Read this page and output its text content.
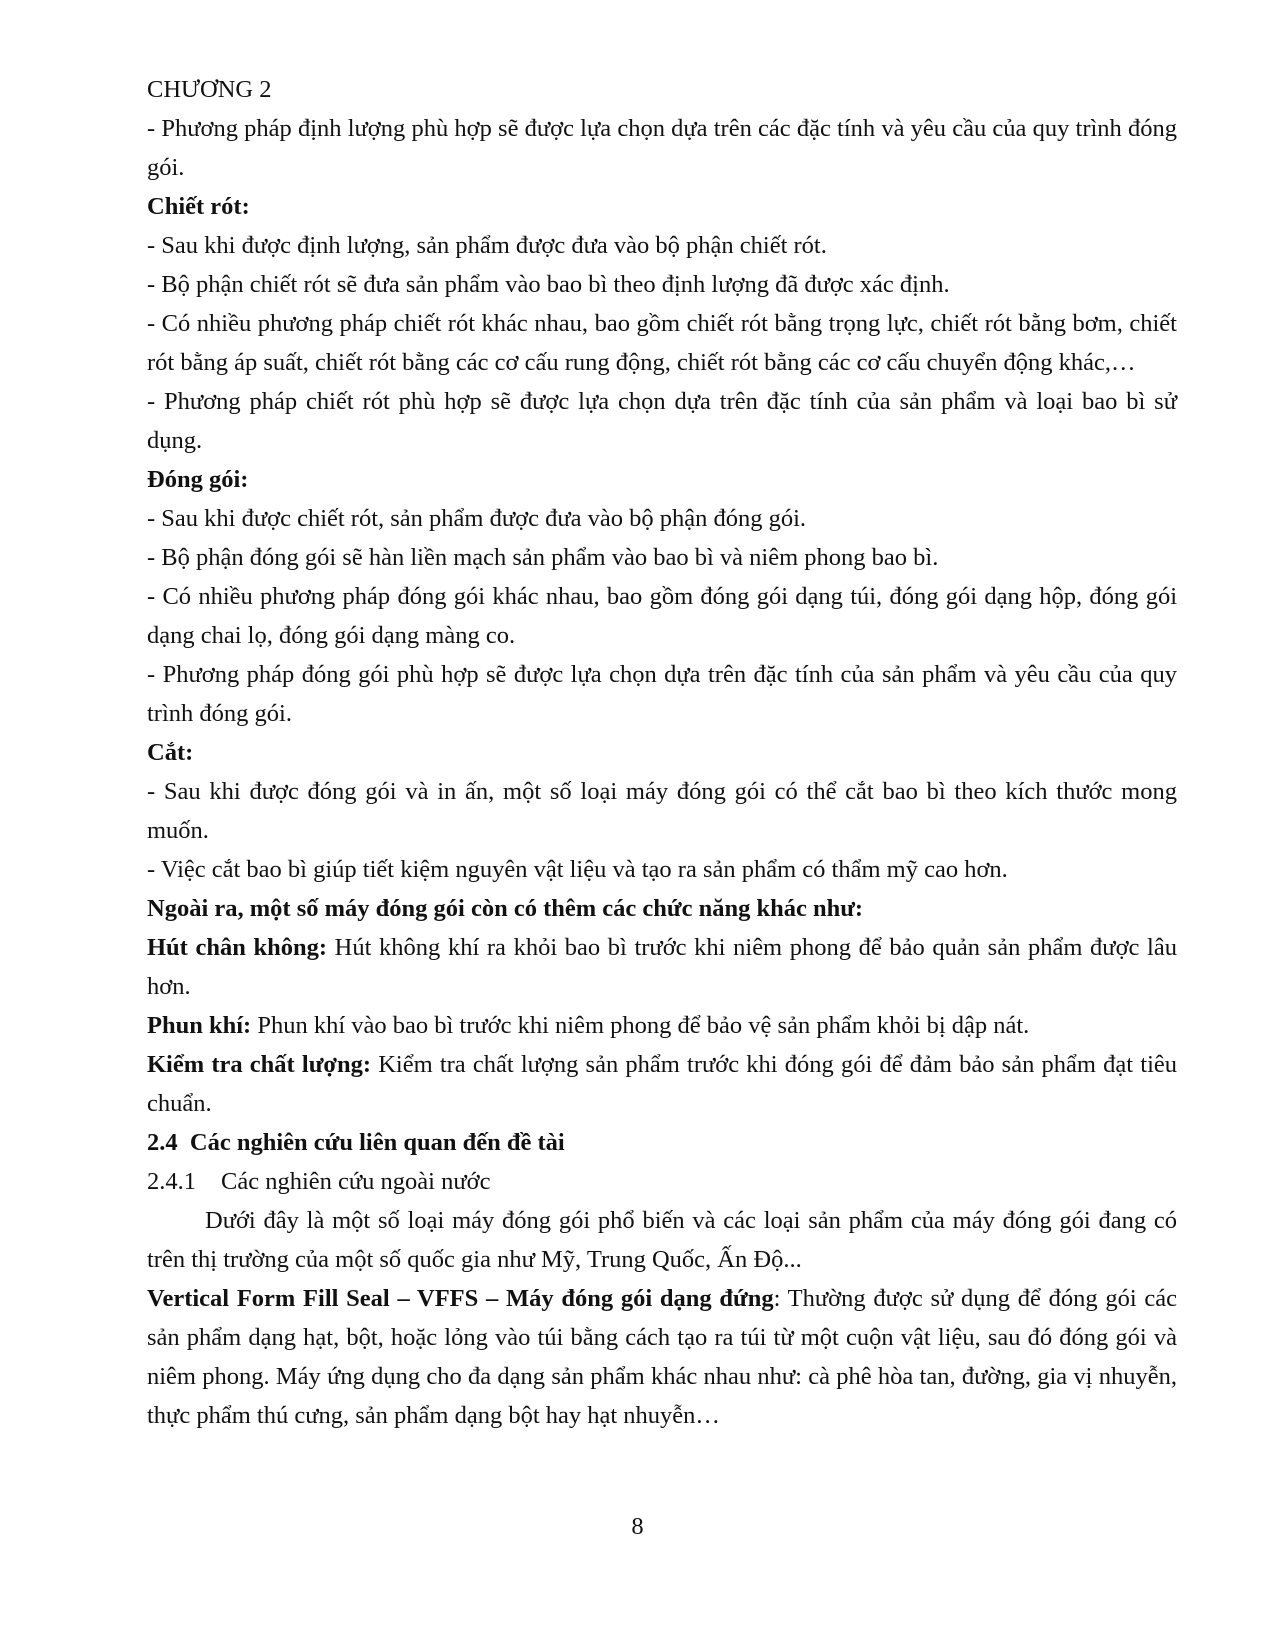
CHƯƠNG 2

- Phương pháp định lượng phù hợp sẽ được lựa chọn dựa trên các đặc tính và yêu cầu của quy trình đóng gói.

Chiết rót:

- Sau khi được định lượng, sản phẩm được đưa vào bộ phận chiết rót.

- Bộ phận chiết rót sẽ đưa sản phẩm vào bao bì theo định lượng đã được xác định.

- Có nhiều phương pháp chiết rót khác nhau, bao gồm chiết rót bằng trọng lực, chiết rót bằng bơm, chiết rót bằng áp suất, chiết rót bằng các cơ cấu rung động, chiết rót bằng các cơ cấu chuyển động khác,…

- Phương pháp chiết rót phù hợp sẽ được lựa chọn dựa trên đặc tính của sản phẩm và loại bao bì sử dụng.

Đóng gói:

- Sau khi được chiết rót, sản phẩm được đưa vào bộ phận đóng gói.

- Bộ phận đóng gói sẽ hàn liền mạch sản phẩm vào bao bì và niêm phong bao bì.

- Có nhiều phương pháp đóng gói khác nhau, bao gồm đóng gói dạng túi, đóng gói dạng hộp, đóng gói dạng chai lọ, đóng gói dạng màng co.

- Phương pháp đóng gói phù hợp sẽ được lựa chọn dựa trên đặc tính của sản phẩm và yêu cầu của quy trình đóng gói.

Cắt:

- Sau khi được đóng gói và in ấn, một số loại máy đóng gói có thể cắt bao bì theo kích thước mong muốn.

- Việc cắt bao bì giúp tiết kiệm nguyên vật liệu và tạo ra sản phẩm có thẩm mỹ cao hơn.

Ngoài ra, một số máy đóng gói còn có thêm các chức năng khác như:

Hút chân không: Hút không khí ra khỏi bao bì trước khi niêm phong để bảo quản sản phẩm được lâu hơn.

Phun khí: Phun khí vào bao bì trước khi niêm phong để bảo vệ sản phẩm khỏi bị dập nát.

Kiểm tra chất lượng: Kiểm tra chất lượng sản phẩm trước khi đóng gói để đảm bảo sản phẩm đạt tiêu chuẩn.

2.4  Các nghiên cứu liên quan đến đề tài

2.4.1 Các nghiên cứu ngoài nước

Dưới đây là một số loại máy đóng gói phổ biến và các loại sản phẩm của máy đóng gói đang có trên thị trường của một số quốc gia như Mỹ, Trung Quốc, Ấn Độ...

Vertical Form Fill Seal – VFFS – Máy đóng gói dạng đứng: Thường được sử dụng để đóng gói các sản phẩm dạng hạt, bột, hoặc lỏng vào túi bằng cách tạo ra túi từ một cuộn vật liệu, sau đó đóng gói và niêm phong. Máy ứng dụng cho đa dạng sản phẩm khác nhau như: cà phê hòa tan, đường, gia vị nhuyễn, thực phẩm thú cưng, sản phẩm dạng bột hay hạt nhuyễn…

8
